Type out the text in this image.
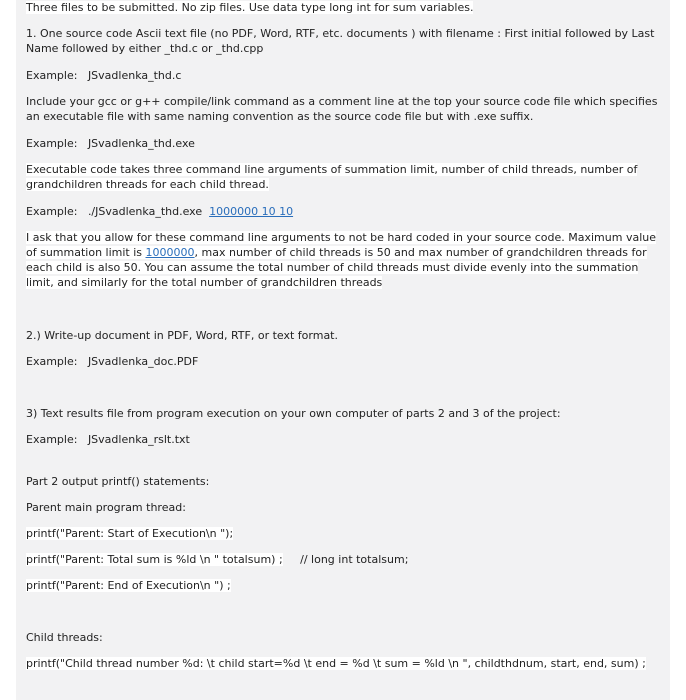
Three files to be submitted. No zip files. Use data type long int for sum variables.
1. One source code Ascii text file (no PDF, Word, RTF, etc. documents ) with filename : First initial followed by Last Name followed by either _thd.c or _thd.cpp
Example: JSvadlenka_thd.c
Include your gcc or g++ compile/link command as a comment line at the top your source code file which specifies an executable file with same naming convention as the source code file but with .exe suffix.
Example: JSvadlenka_thd.exe
Executable code takes three command line arguments of summation limit, number of child threads, number of grandchildren threads for each child thread.
Example: ./JSvadlenka_thd.exe 1000000 10 10
I ask that you allow for these command line arguments to not be hard coded in your source code. Maximum value of summation limit is 1000000, max number of child threads is 50 and max number of grandchildren threads for each child is also 50. You can assume the total number of child threads must divide evenly into the summation limit, and similarly for the total number of grandchildren threads
2.) Write-up document in PDF, Word, RTF, or text format.
Example: JSvadlenka_doc.PDF
3) Text results file from program execution on your own computer of parts 2 and 3 of the project:
Example: JSvadlenka_rslt.txt
Part 2 output printf() statements:
Parent main program thread:
printf("Parent: Start of Execution\n ");
printf("Parent: Total sum is %ld \n " totalsum) ; // long int totalsum;
printf("Parent: End of Execution\n ") ;
Child threads:
printf("Child thread number %d: \t child start=%d \t end = %d \t sum = %ld \n ", childthdnum, start, end, sum) ;
